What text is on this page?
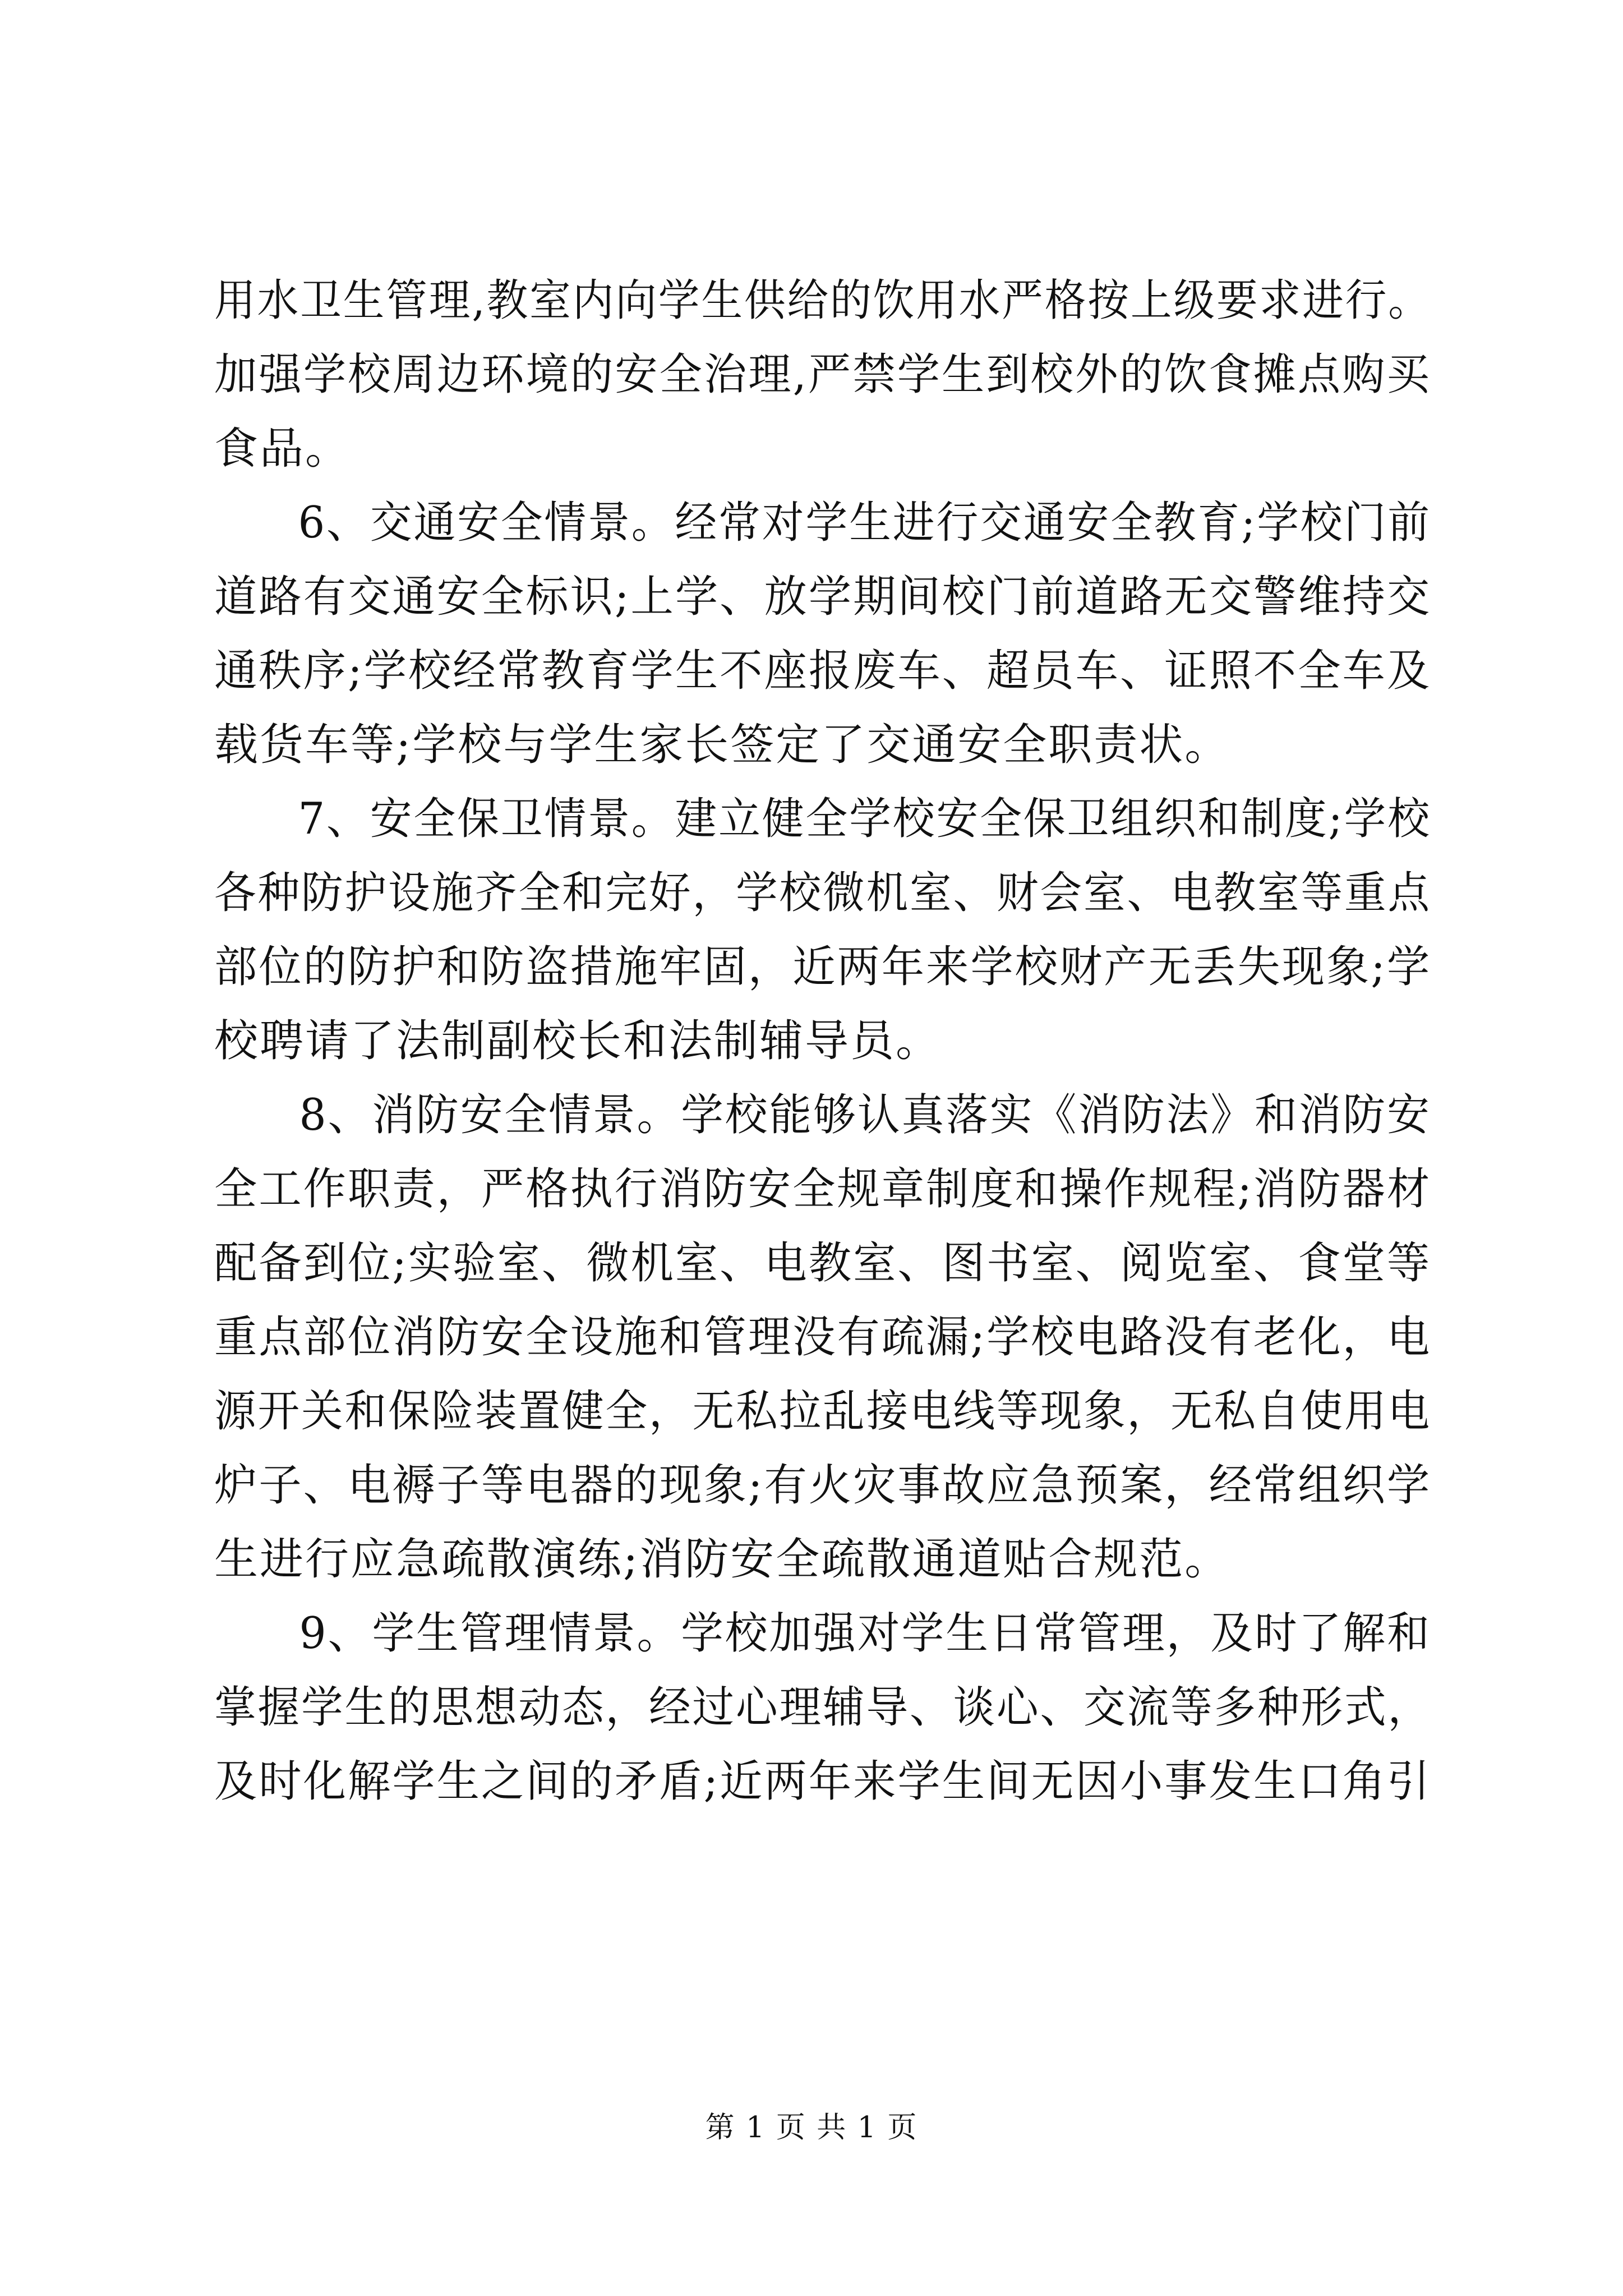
用水卫生管理,教室内向学生供给的饮用水严格按上级要求进行。
加强学校周边环境的安全治理,严禁学生到校外的饮食摊点购买
食品。

6、交通安全情景。经常对学生进行交通安全教育;学校门前
道路有交通安全标识;上学、放学期间校门前道路无交警维持交
通秩序;学校经常教育学生不座报废车、超员车、证照不全车及
载货车等;学校与学生家长签定了交通安全职责状。

7、安全保卫情景。建立健全学校安全保卫组织和制度;学校
各种防护设施齐全和完好，学校微机室、财会室、电教室等重点
部位的防护和防盗措施牢固，近两年来学校财产无丢失现象;学
校聘请了法制副校长和法制辅导员。

8、消防安全情景。学校能够认真落实《消防法》和消防安
全工作职责，严格执行消防安全规章制度和操作规程;消防器材
配备到位;实验室、微机室、电教室、图书室、阅览室、食堂等
重点部位消防安全设施和管理没有疏漏;学校电路没有老化，电
源开关和保险装置健全，无私拉乱接电线等现象，无私自使用电
炉子、电褥子等电器的现象;有火灾事故应急预案，经常组织学
生进行应急疏散演练;消防安全疏散通道贴合规范。

9、学生管理情景。学校加强对学生日常管理，及时了解和
掌握学生的思想动态，经过心理辅导、谈心、交流等多种形式，
及时化解学生之间的矛盾;近两年来学生间无因小事发生口角引

第 1 页 共 1 页
